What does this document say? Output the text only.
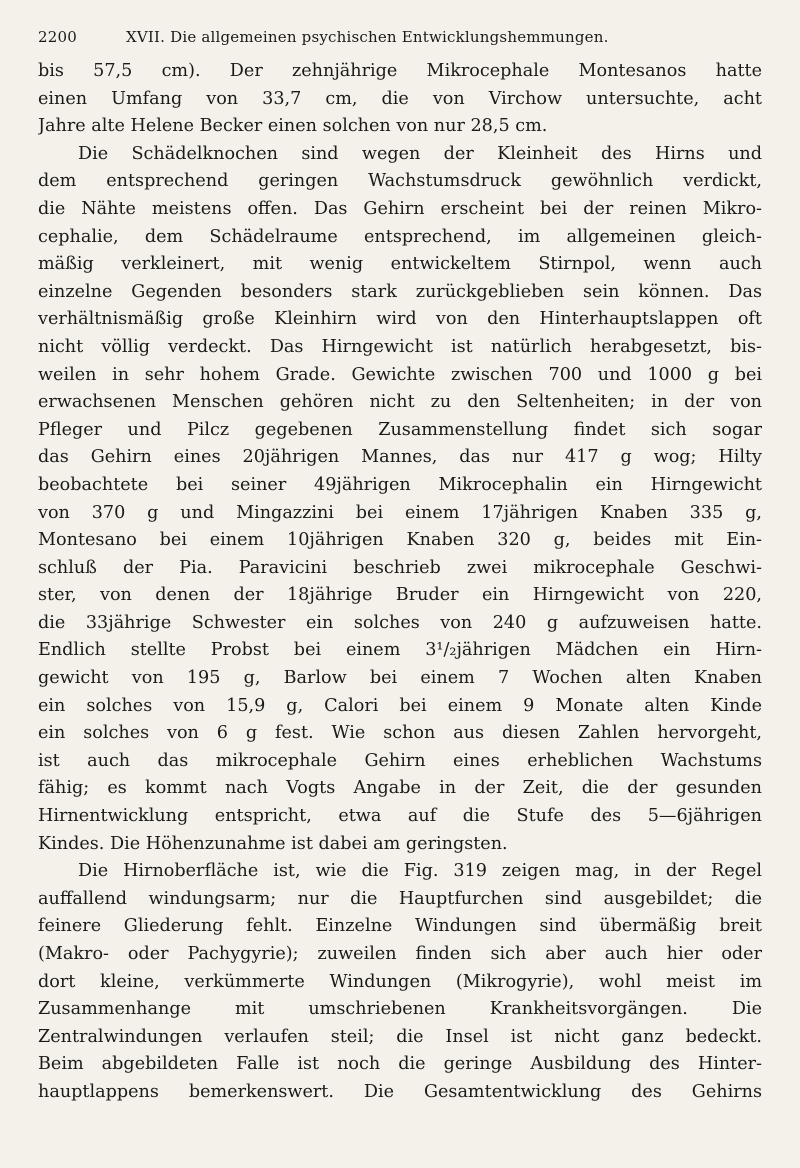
2200	XVII. Die allgemeinen psychischen Entwicklungshemmungen.
bis 57,5 cm). Der zehnjährige Mikrocephale Montesanos hatte
einen Umfang von 33,7 cm, die von Virchow untersuchte, acht
Jahre alte Helene Becker einen solchen von nur 28,5 cm.
Die Schädelknochen sind wegen der Kleinheit des Hirns und
dem entsprechend geringen Wachstumsdruck gewöhnlich verdickt,
die Nähte meistens offen. Das Gehirn erscheint bei der reinen Mikro-
cephalie, dem Schädelraume entsprechend, im allgemeinen gleich-
mäßig verkleinert, mit wenig entwickeltem Stirnpol, wenn auch
einzelne Gegenden besonders stark zurückgeblieben sein können. Das
verhältnismäßig große Kleinhirn wird von den Hinterhauptslappen oft
nicht völlig verdeckt. Das Hirngewicht ist natürlich herabgesetzt, bis-
weilen in sehr hohem Grade. Gewichte zwischen 700 und 1000 g bei
erwachsenen Menschen gehören nicht zu den Seltenheiten; in der von
Pfleger und Pilcz gegebenen Zusammenstellung findet sich sogar
das Gehirn eines 20jährigen Mannes, das nur 417 g wog; Hilty
beobachtete bei seiner 49jährigen Mikrocephalin ein Hirngewicht
von 370 g und Mingazzini bei einem 17jährigen Knaben 335 g,
Montesano bei einem 10jährigen Knaben 320 g, beides mit Ein-
schluß der Pia. Paravicini beschrieb zwei mikrocephale Geschwi-
ster, von denen der 18jährige Bruder ein Hirngewicht von 220,
die 33jährige Schwester ein solches von 240 g aufzuweisen hatte.
Endlich stellte Probst bei einem 3¹/₂jährigen Mädchen ein Hirn-
gewicht von 195 g, Barlow bei einem 7 Wochen alten Knaben
ein solches von 15,9 g, Calori bei einem 9 Monate alten Kinde
ein solches von 6 g fest. Wie schon aus diesen Zahlen hervorgeht,
ist auch das mikrocephale Gehirn eines erheblichen Wachstums
fähig; es kommt nach Vogts Angabe in der Zeit, die der gesunden
Hirnentwicklung entspricht, etwa auf die Stufe des 5—6jährigen
Kindes. Die Höhenzunahme ist dabei am geringsten.
Die Hirnoberfläche ist, wie die Fig. 319 zeigen mag, in der Regel
auffallend windungsarm; nur die Hauptfurchen sind ausgebildet; die
feinere Gliederung fehlt. Einzelne Windungen sind übermäßig breit
(Makro- oder Pachygyrie); zuweilen finden sich aber auch hier oder
dort kleine, verkümmerte Windungen (Mikrogyrie), wohl meist im
Zusammenhange mit umschriebenen Krankheitsvorgängen. Die
Zentralwindungen verlaufen steil; die Insel ist nicht ganz bedeckt.
Beim abgebildeten Falle ist noch die geringe Ausbildung des Hinter-
hauptlappens bemerkenswert. Die Gesamtentwicklung des Gehirns
